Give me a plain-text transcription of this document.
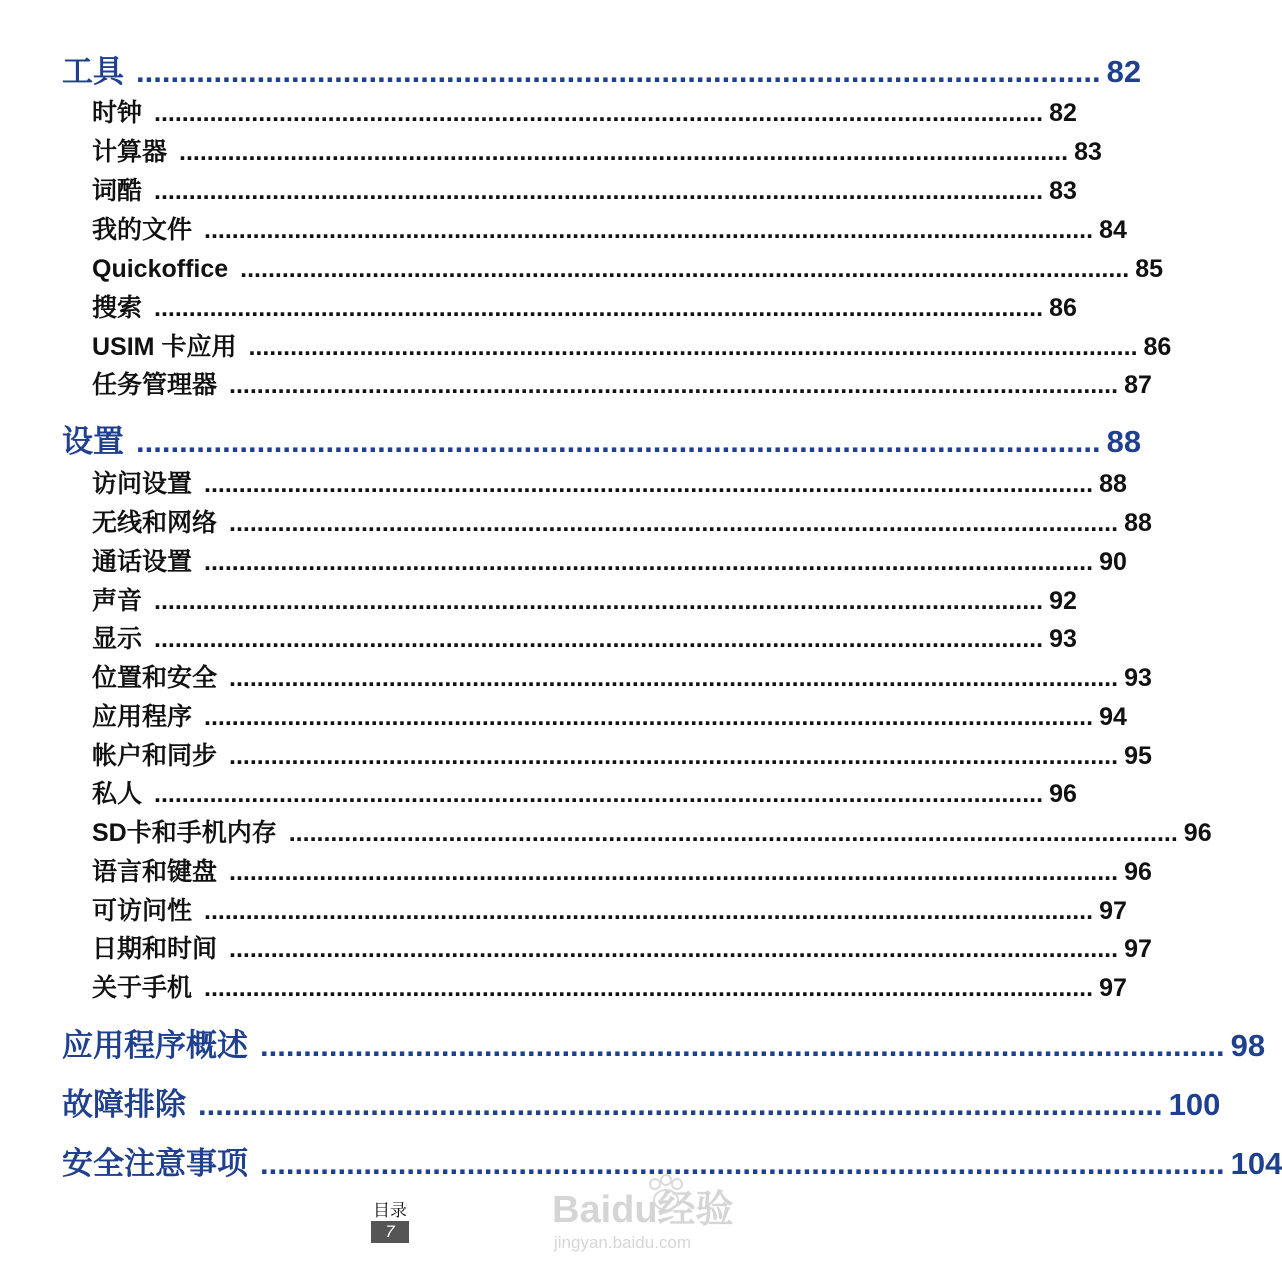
工具 ................................................................................................................ 82
时钟 ................................................................................................................................ 82
计算器 ................................................................................................................................ 83
词酷 ................................................................................................................................ 83
我的文件 ................................................................................................................................ 84
Quickoffice ................................................................................................................................ 85
搜索 ................................................................................................................................ 86
USIM 卡应用 ................................................................................................................................ 86
任务管理器 ................................................................................................................................ 87
设置 ................................................................................................................ 88
访问设置 ................................................................................................................................ 88
无线和网络 ................................................................................................................................ 88
通话设置 ................................................................................................................................ 90
声音 ................................................................................................................................ 92
显示 ................................................................................................................................ 93
位置和安全 ................................................................................................................................ 93
应用程序 ................................................................................................................................ 94
帐户和同步 ................................................................................................................................ 95
私人 ................................................................................................................................ 96
SD卡和手机内存 ................................................................................................................................ 96
语言和键盘 ................................................................................................................................ 96
可访问性 ................................................................................................................................ 97
日期和时间 ................................................................................................................................ 97
关于手机 ................................................................................................................................ 97
应用程序概述 ................................................................................................................ 98
故障排除 ................................................................................................................ 100
安全注意事项 ................................................................................................................ 104
目录
7
Baidu经验
jingyan.baidu.com
